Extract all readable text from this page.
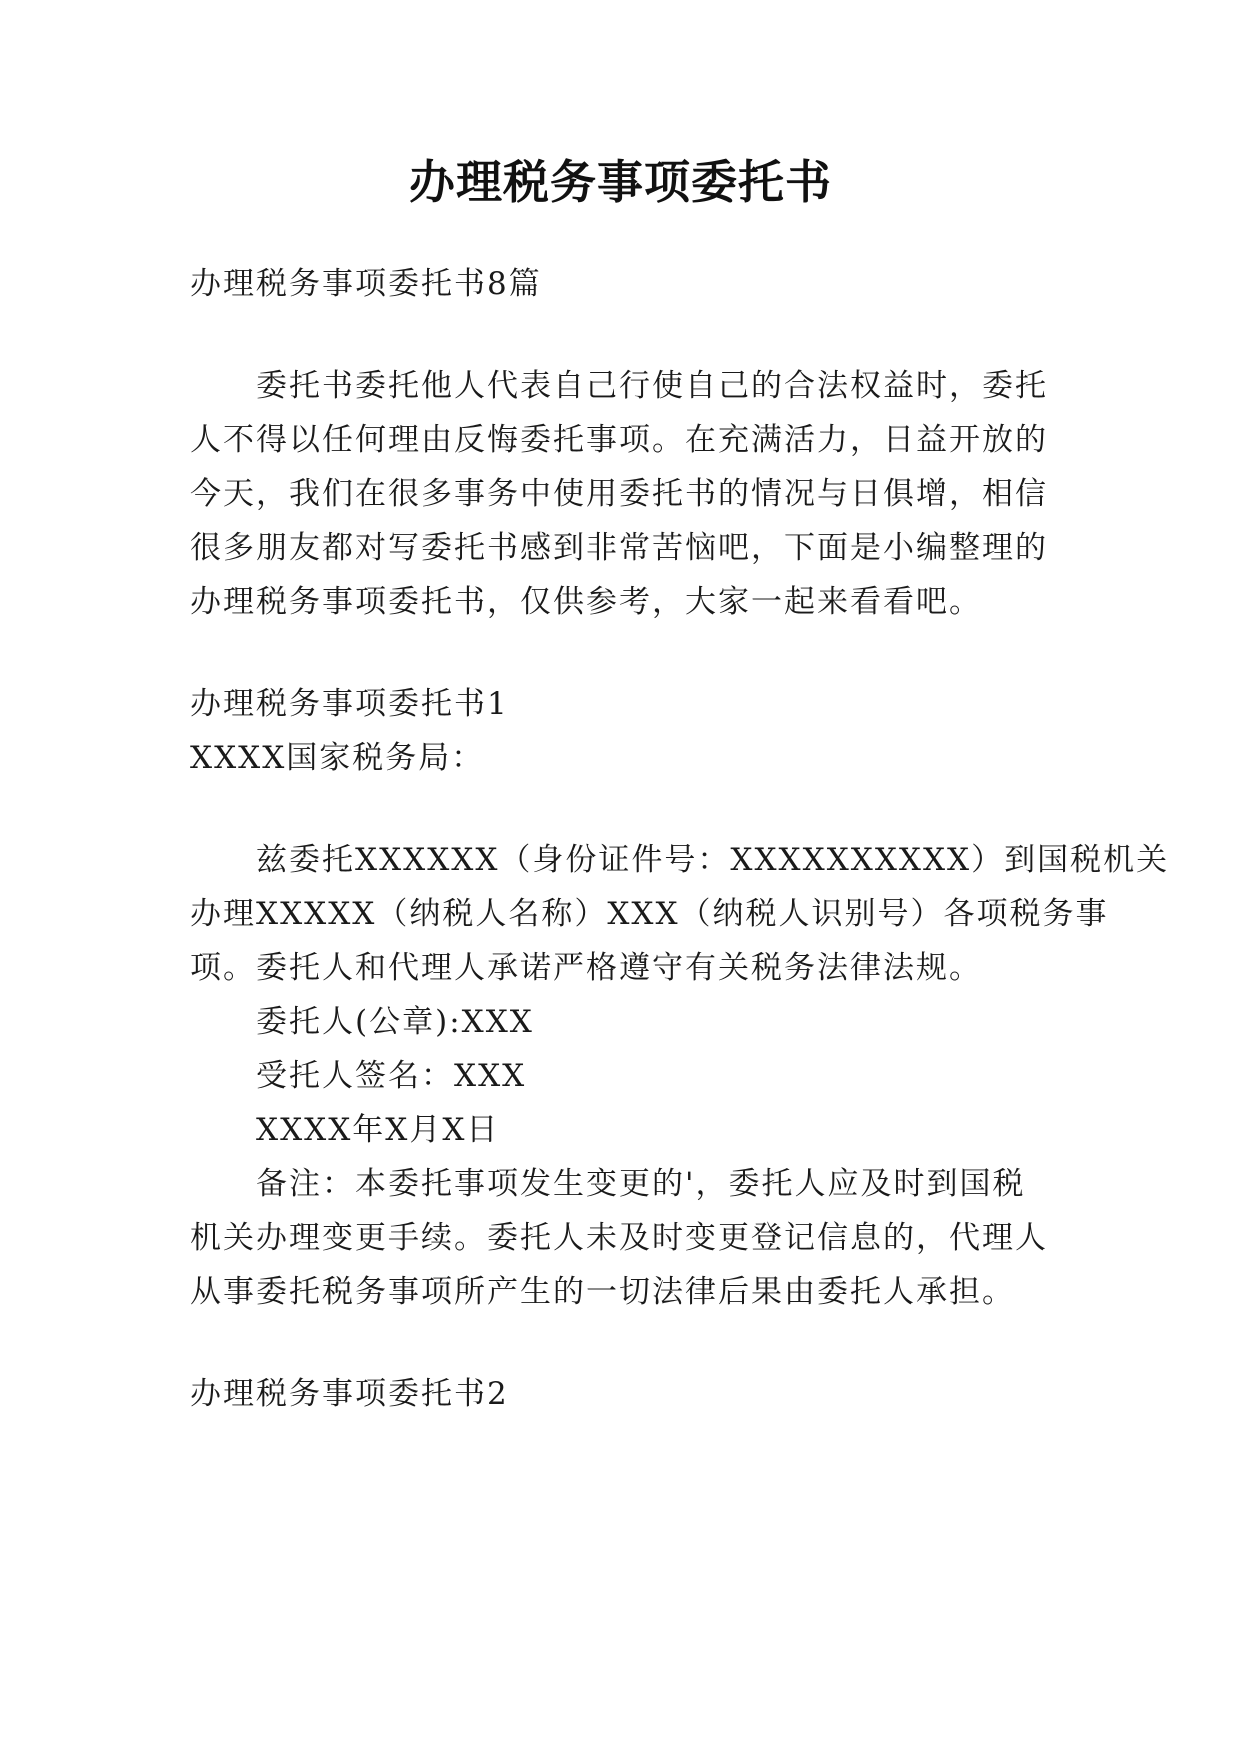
办理税务事项委托书
办理税务事项委托书8篇
委托书委托他人代表自己行使自己的合法权益时，委托
人不得以任何理由反悔委托事项。在充满活力，日益开放的
今天，我们在很多事务中使用委托书的情况与日俱增，相信
很多朋友都对写委托书感到非常苦恼吧，下面是小编整理的
办理税务事项委托书，仅供参考，大家一起来看看吧。
办理税务事项委托书1
XXXX国家税务局：
兹委托XXXXXX（身份证件号：XXXXXXXXXX）到国税机关
办理XXXXX（纳税人名称）XXX（纳税人识别号）各项税务事
项。委托人和代理人承诺严格遵守有关税务法律法规。
委托人(公章):XXX
受托人签名：XXX
XXXX年X月X日
备注：本委托事项发生变更的'，委托人应及时到国税
机关办理变更手续。委托人未及时变更登记信息的，代理人
从事委托税务事项所产生的一切法律后果由委托人承担。
办理税务事项委托书2
